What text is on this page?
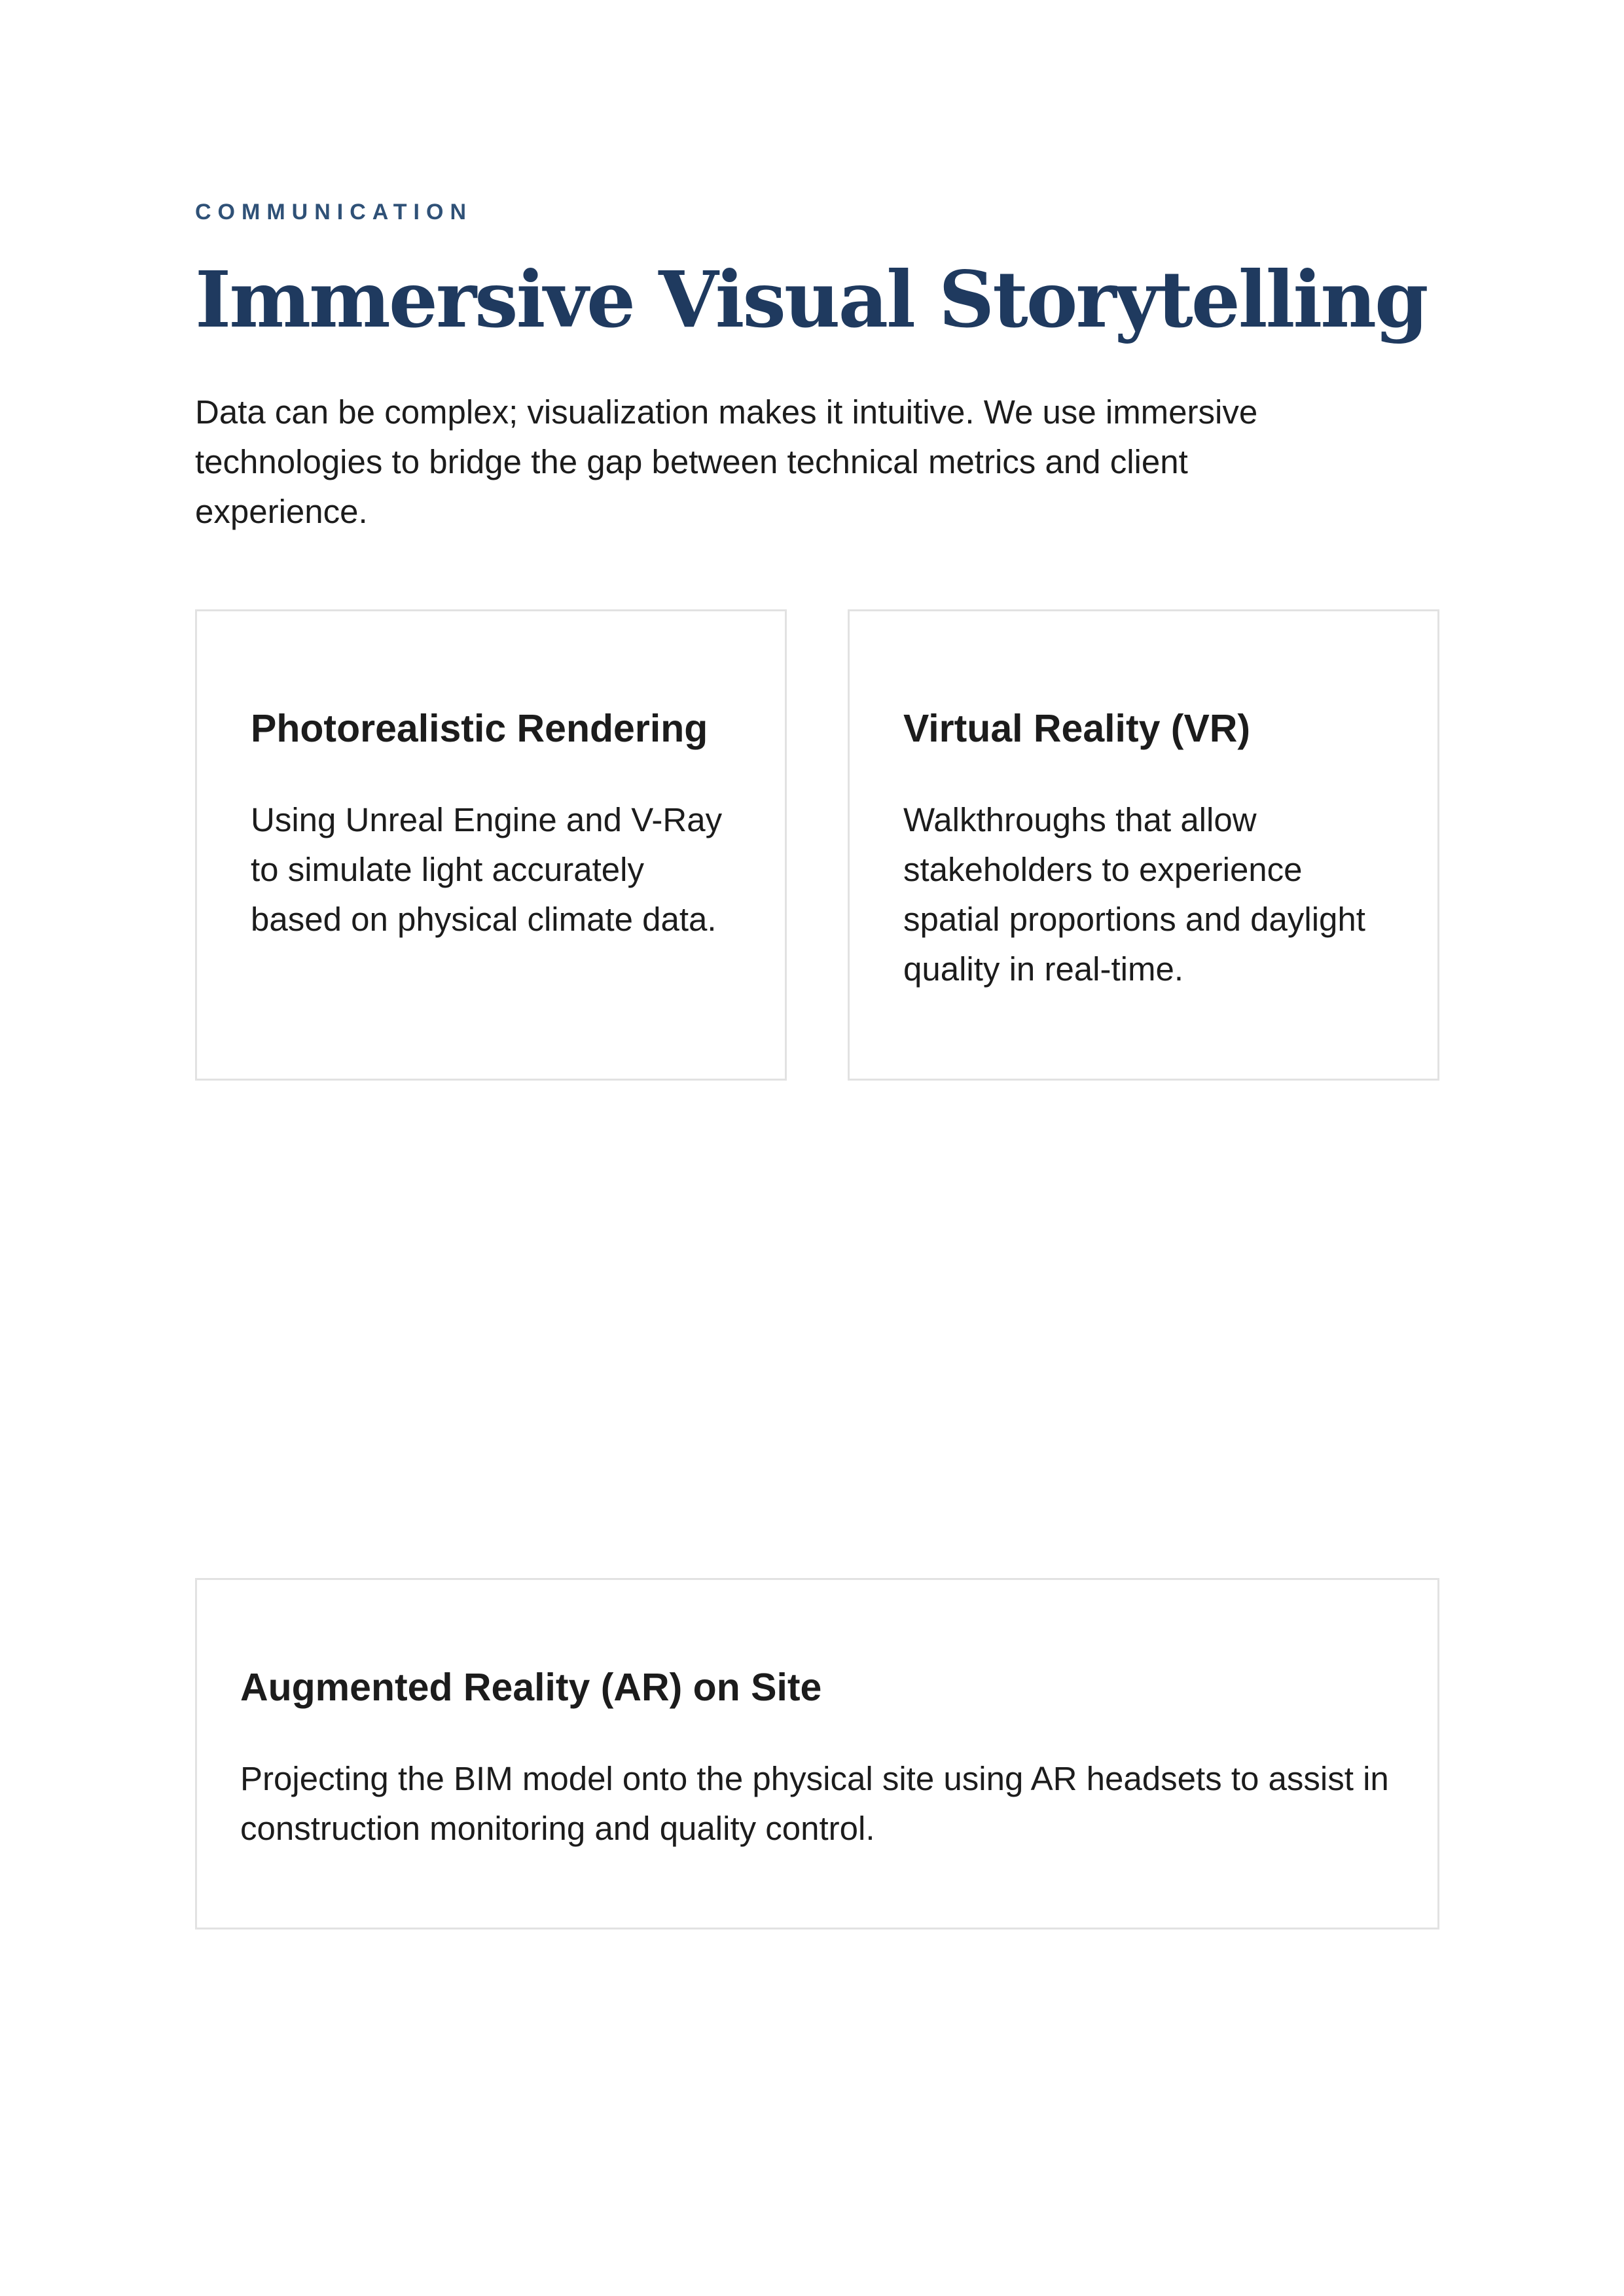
COMMUNICATION

Immersive Visual Storytelling

Data can be complex; visualization makes it intuitive. We use immersive technologies to bridge the gap between technical metrics and client experience.

Photorealistic Rendering

Using Unreal Engine and V-Ray to simulate light accurately based on physical climate data.

Virtual Reality (VR)

Walkthroughs that allow stakeholders to experience spatial proportions and daylight quality in real-time.

Augmented Reality (AR) on Site

Projecting the BIM model onto the physical site using AR headsets to assist in construction monitoring and quality control.
